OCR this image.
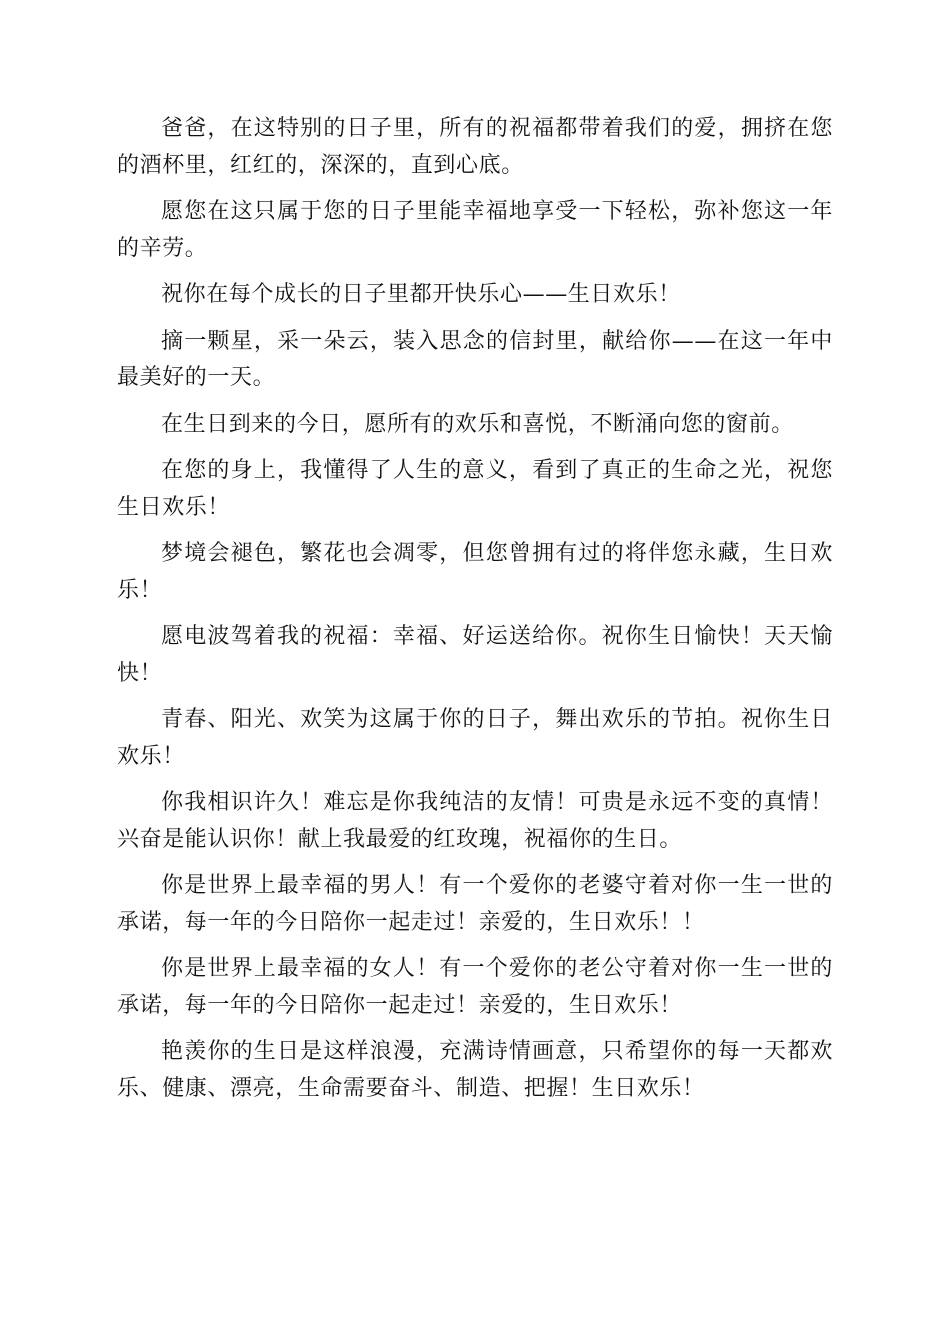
爸爸，在这特别的日子里，所有的祝福都带着我们的爱，拥挤在您的酒杯里，红红的，深深的，直到心底。

愿您在这只属于您的日子里能幸福地享受一下轻松，弥补您这一年的辛劳。

祝你在每个成长的日子里都开快乐心——生日欢乐！

摘一颗星，采一朵云，装入思念的信封里，献给你——在这一年中最美好的一天。

在生日到来的今日，愿所有的欢乐和喜悦，不断涌向您的窗前。

在您的身上，我懂得了人生的意义，看到了真正的生命之光，祝您生日欢乐！

梦境会褪色，繁花也会凋零，但您曾拥有过的将伴您永藏，生日欢乐！

愿电波驾着我的祝福：幸福、好运送给你。祝你生日愉快！天天愉快！

青春、阳光、欢笑为这属于你的日子，舞出欢乐的节拍。祝你生日欢乐！

你我相识许久！难忘是你我纯洁的友情！可贵是永远不变的真情！兴奋是能认识你！献上我最爱的红玫瑰，祝福你的生日。

你是世界上最幸福的男人！有一个爱你的老婆守着对你一生一世的承诺，每一年的今日陪你一起走过！亲爱的，生日欢乐！！

你是世界上最幸福的女人！有一个爱你的老公守着对你一生一世的承诺，每一年的今日陪你一起走过！亲爱的，生日欢乐！

艳羡你的生日是这样浪漫，充满诗情画意，只希望你的每一天都欢乐、健康、漂亮，生命需要奋斗、制造、把握！生日欢乐！
